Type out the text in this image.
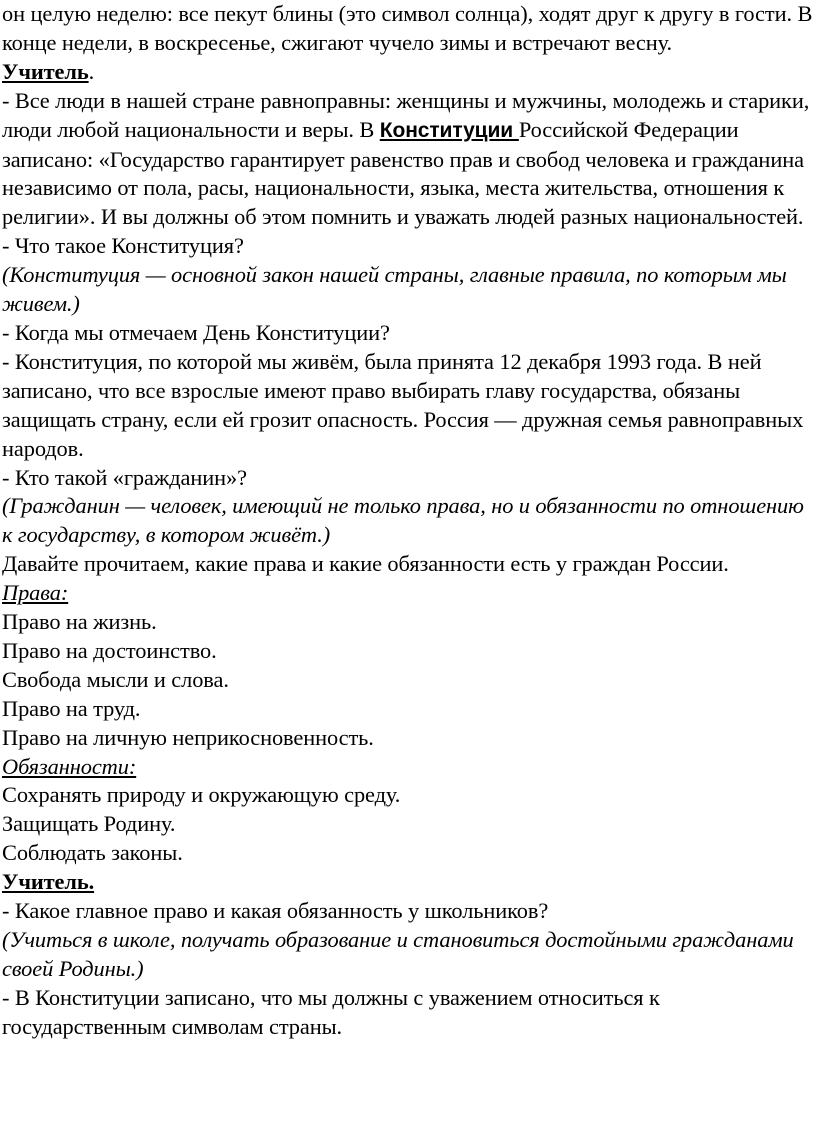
он целую неделю: все пекут блины (это символ солнца), ходят друг к другу в гости. В конце недели, в воскресенье, сжигают чучело зимы и встречают весну.

Учитель.

- Все люди в нашей стране равноправны: женщины и мужчины, молодежь и старики, люди любой национальности и веры. В Конституции Российской Федерации записано: «Государство гарантирует равенство прав и свобод человека и гражданина независимо от пола, расы, национальности, языка, места жительства, отношения к религии». И вы должны об этом помнить и уважать людей разных национальностей.

- Что такое Конституция?

(Конституция — основной закон нашей страны, главные правила, по которым мы живем.)

- Когда мы отмечаем День Конституции?

- Конституция, по которой мы живём, была принята 12 декабря 1993 года. В ней записано, что все взрослые имеют право выбирать главу государства, обязаны защищать страну, если ей грозит опасность. Россия — дружная семья равноправных народов.

- Кто такой «гражданин»?

(Гражданин — человек, имеющий не только права, но и обязанности по отношению к государству, в котором живёт.)

Давайте прочитаем, какие права и какие обязанности есть у граждан России.

Права:

Право на жизнь.

Право на достоинство.

Свобода мысли и слова.

Право на труд.

Право на личную неприкосновенность.

Обязанности:

Сохранять природу и окружающую среду.

Защищать Родину.

Соблюдать законы.

Учитель.

- Какое главное право и какая обязанность у школьников?

(Учиться в школе, получать образование и становиться достойными гражданами своей Родины.)

- В Конституции записано, что мы должны с уважением относиться к государственным символам страны.
